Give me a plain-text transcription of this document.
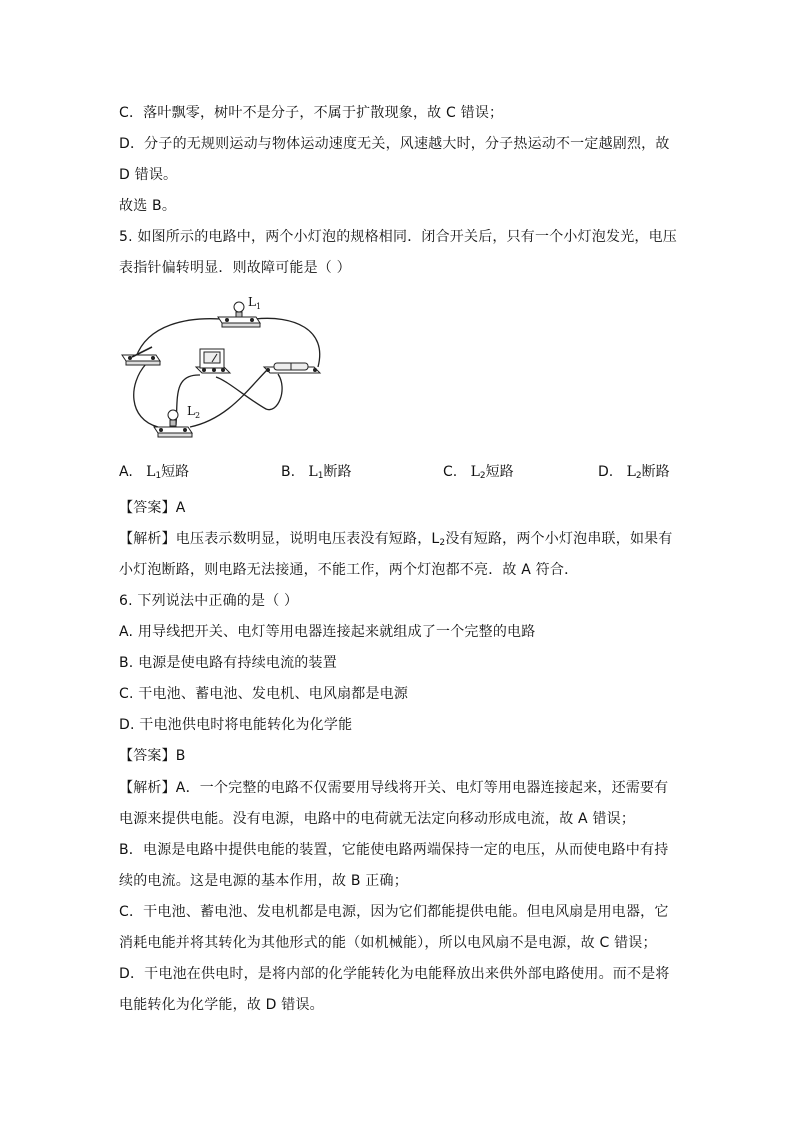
C．落叶飘零，树叶不是分子，不属于扩散现象，故 C 错误；
D．分子的无规则运动与物体运动速度无关，风速越大时，分子热运动不一定越剧烈，故
D 错误。
故选 B。
5. 如图所示的电路中，两个小灯泡的规格相同．闭合开关后，只有一个小灯泡发光，电压
表指针偏转明显．则故障可能是（ ）
L 1
L 2
A. $L_1$短路	B. $L_1$断路	C. $L_2$短路	D. $L_2$断路
【答案】A
【解析】电压表示数明显，说明电压表没有短路，$L_2$没有短路，两个小灯泡串联，如果有
小灯泡断路，则电路无法接通，不能工作，两个灯泡都不亮．故 A 符合．
6. 下列说法中正确的是（ ）
A. 用导线把开关、电灯等用电器连接起来就组成了一个完整的电路
B. 电源是使电路有持续电流的装置
C. 干电池、蓄电池、发电机、电风扇都是电源
D. 干电池供电时将电能转化为化学能
【答案】B
【解析】A．一个完整的电路不仅需要用导线将开关、电灯等用电器连接起来，还需要有
电源来提供电能。没有电源，电路中的电荷就无法定向移动形成电流，故 A 错误；
B．电源是电路中提供电能的装置，它能使电路两端保持一定的电压，从而使电路中有持
续的电流。这是电源的基本作用，故 B 正确；
C．干电池、蓄电池、发电机都是电源，因为它们都能提供电能。但电风扇是用电器，它
消耗电能并将其转化为其他形式的能（如机械能），所以电风扇不是电源，故 C 错误；
D．干电池在供电时，是将内部的化学能转化为电能释放出来供外部电路使用。而不是将
电能转化为化学能，故 D 错误。
